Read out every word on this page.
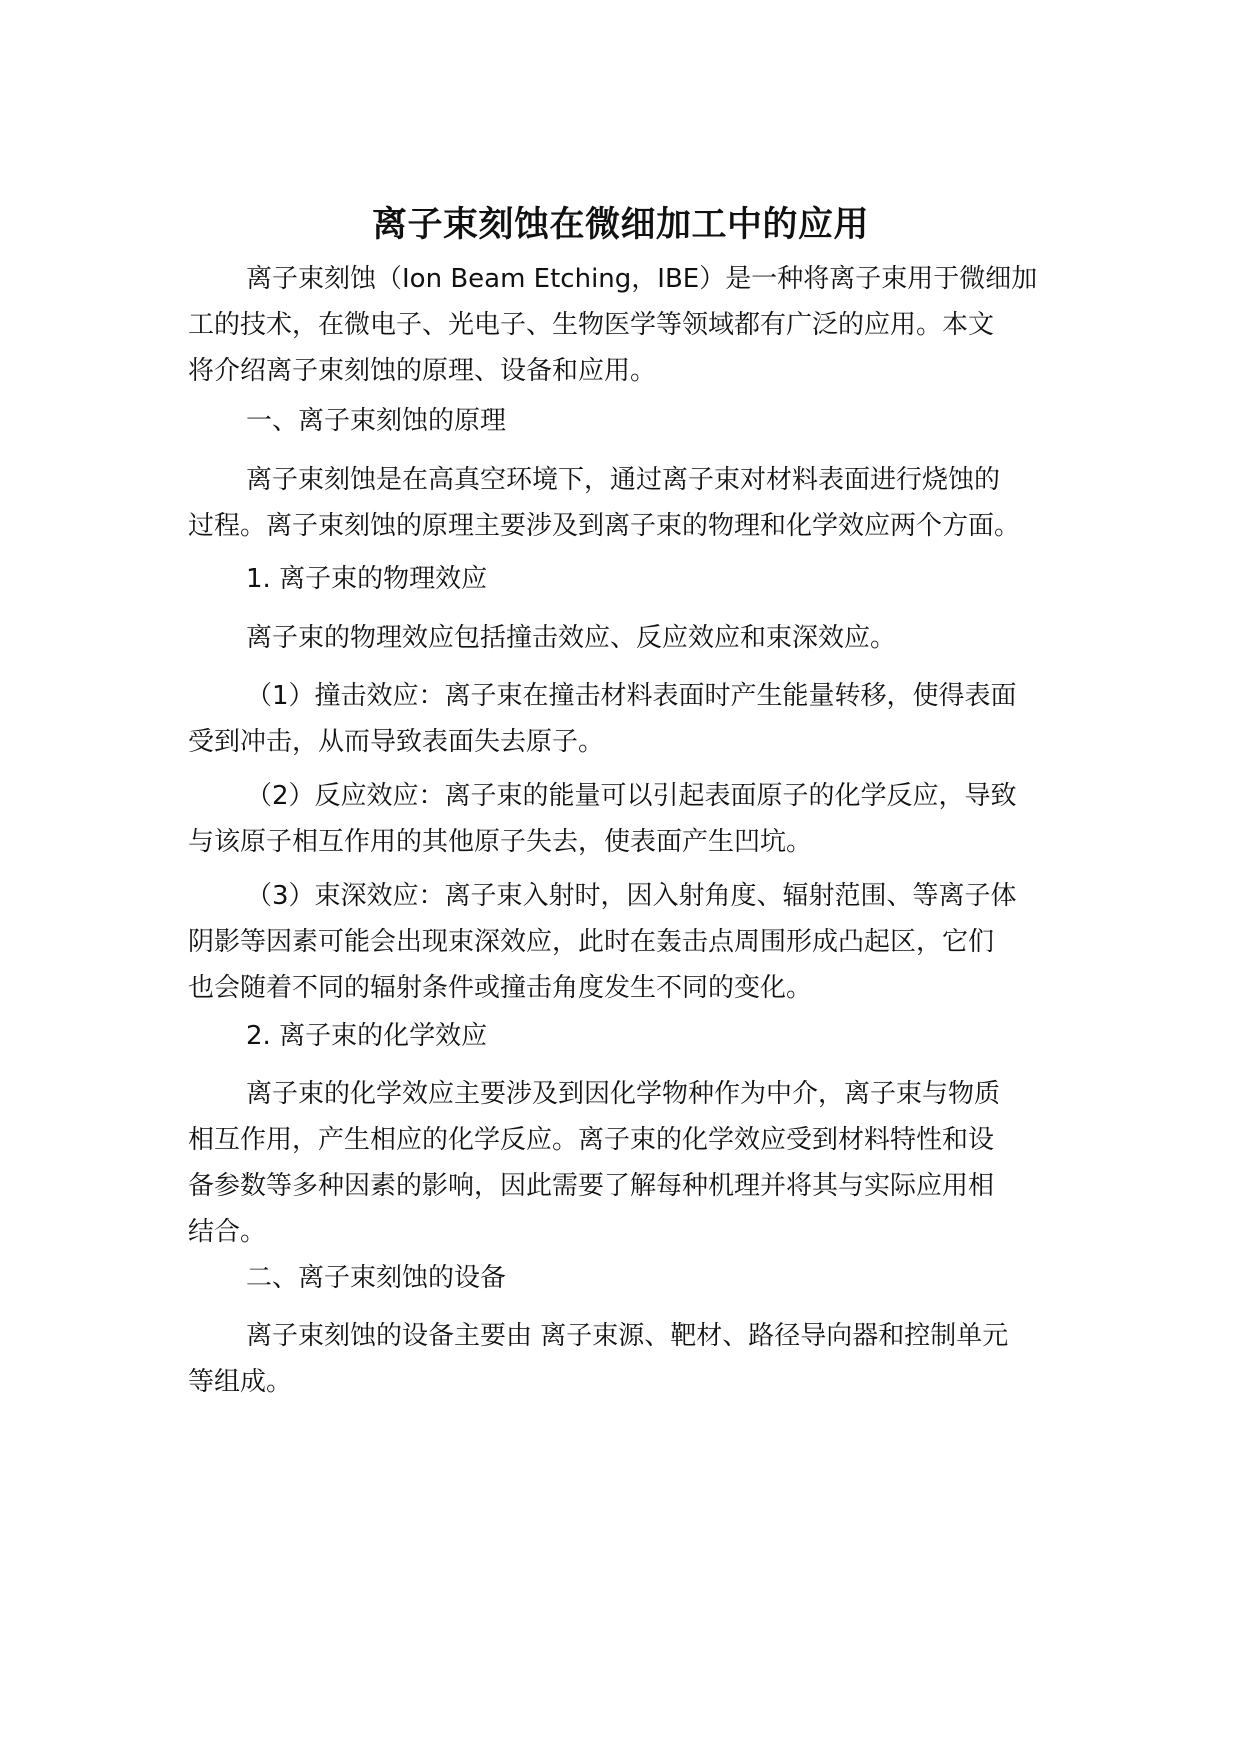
离子束刻蚀在微细加工中的应用

离子束刻蚀（Ion Beam Etching，IBE）是一种将离子束用于微细加
工的技术，在微电子、光电子、生物医学等领域都有广泛的应用。本文
将介绍离子束刻蚀的原理、设备和应用。

一、离子束刻蚀的原理

离子束刻蚀是在高真空环境下，通过离子束对材料表面进行烧蚀的
过程。离子束刻蚀的原理主要涉及到离子束的物理和化学效应两个方面。

1. 离子束的物理效应

离子束的物理效应包括撞击效应、反应效应和束深效应。

（1）撞击效应：离子束在撞击材料表面时产生能量转移，使得表面
受到冲击，从而导致表面失去原子。

（2）反应效应：离子束的能量可以引起表面原子的化学反应，导致
与该原子相互作用的其他原子失去，使表面产生凹坑。

（3）束深效应：离子束入射时，因入射角度、辐射范围、等离子体
阴影等因素可能会出现束深效应，此时在轰击点周围形成凸起区，它们
也会随着不同的辐射条件或撞击角度发生不同的变化。

2. 离子束的化学效应

离子束的化学效应主要涉及到因化学物种作为中介，离子束与物质
相互作用，产生相应的化学反应。离子束的化学效应受到材料特性和设
备参数等多种因素的影响，因此需要了解每种机理并将其与实际应用相
结合。

二、离子束刻蚀的设备

离子束刻蚀的设备主要由 离子束源、靶材、路径导向器和控制单元
等组成。
